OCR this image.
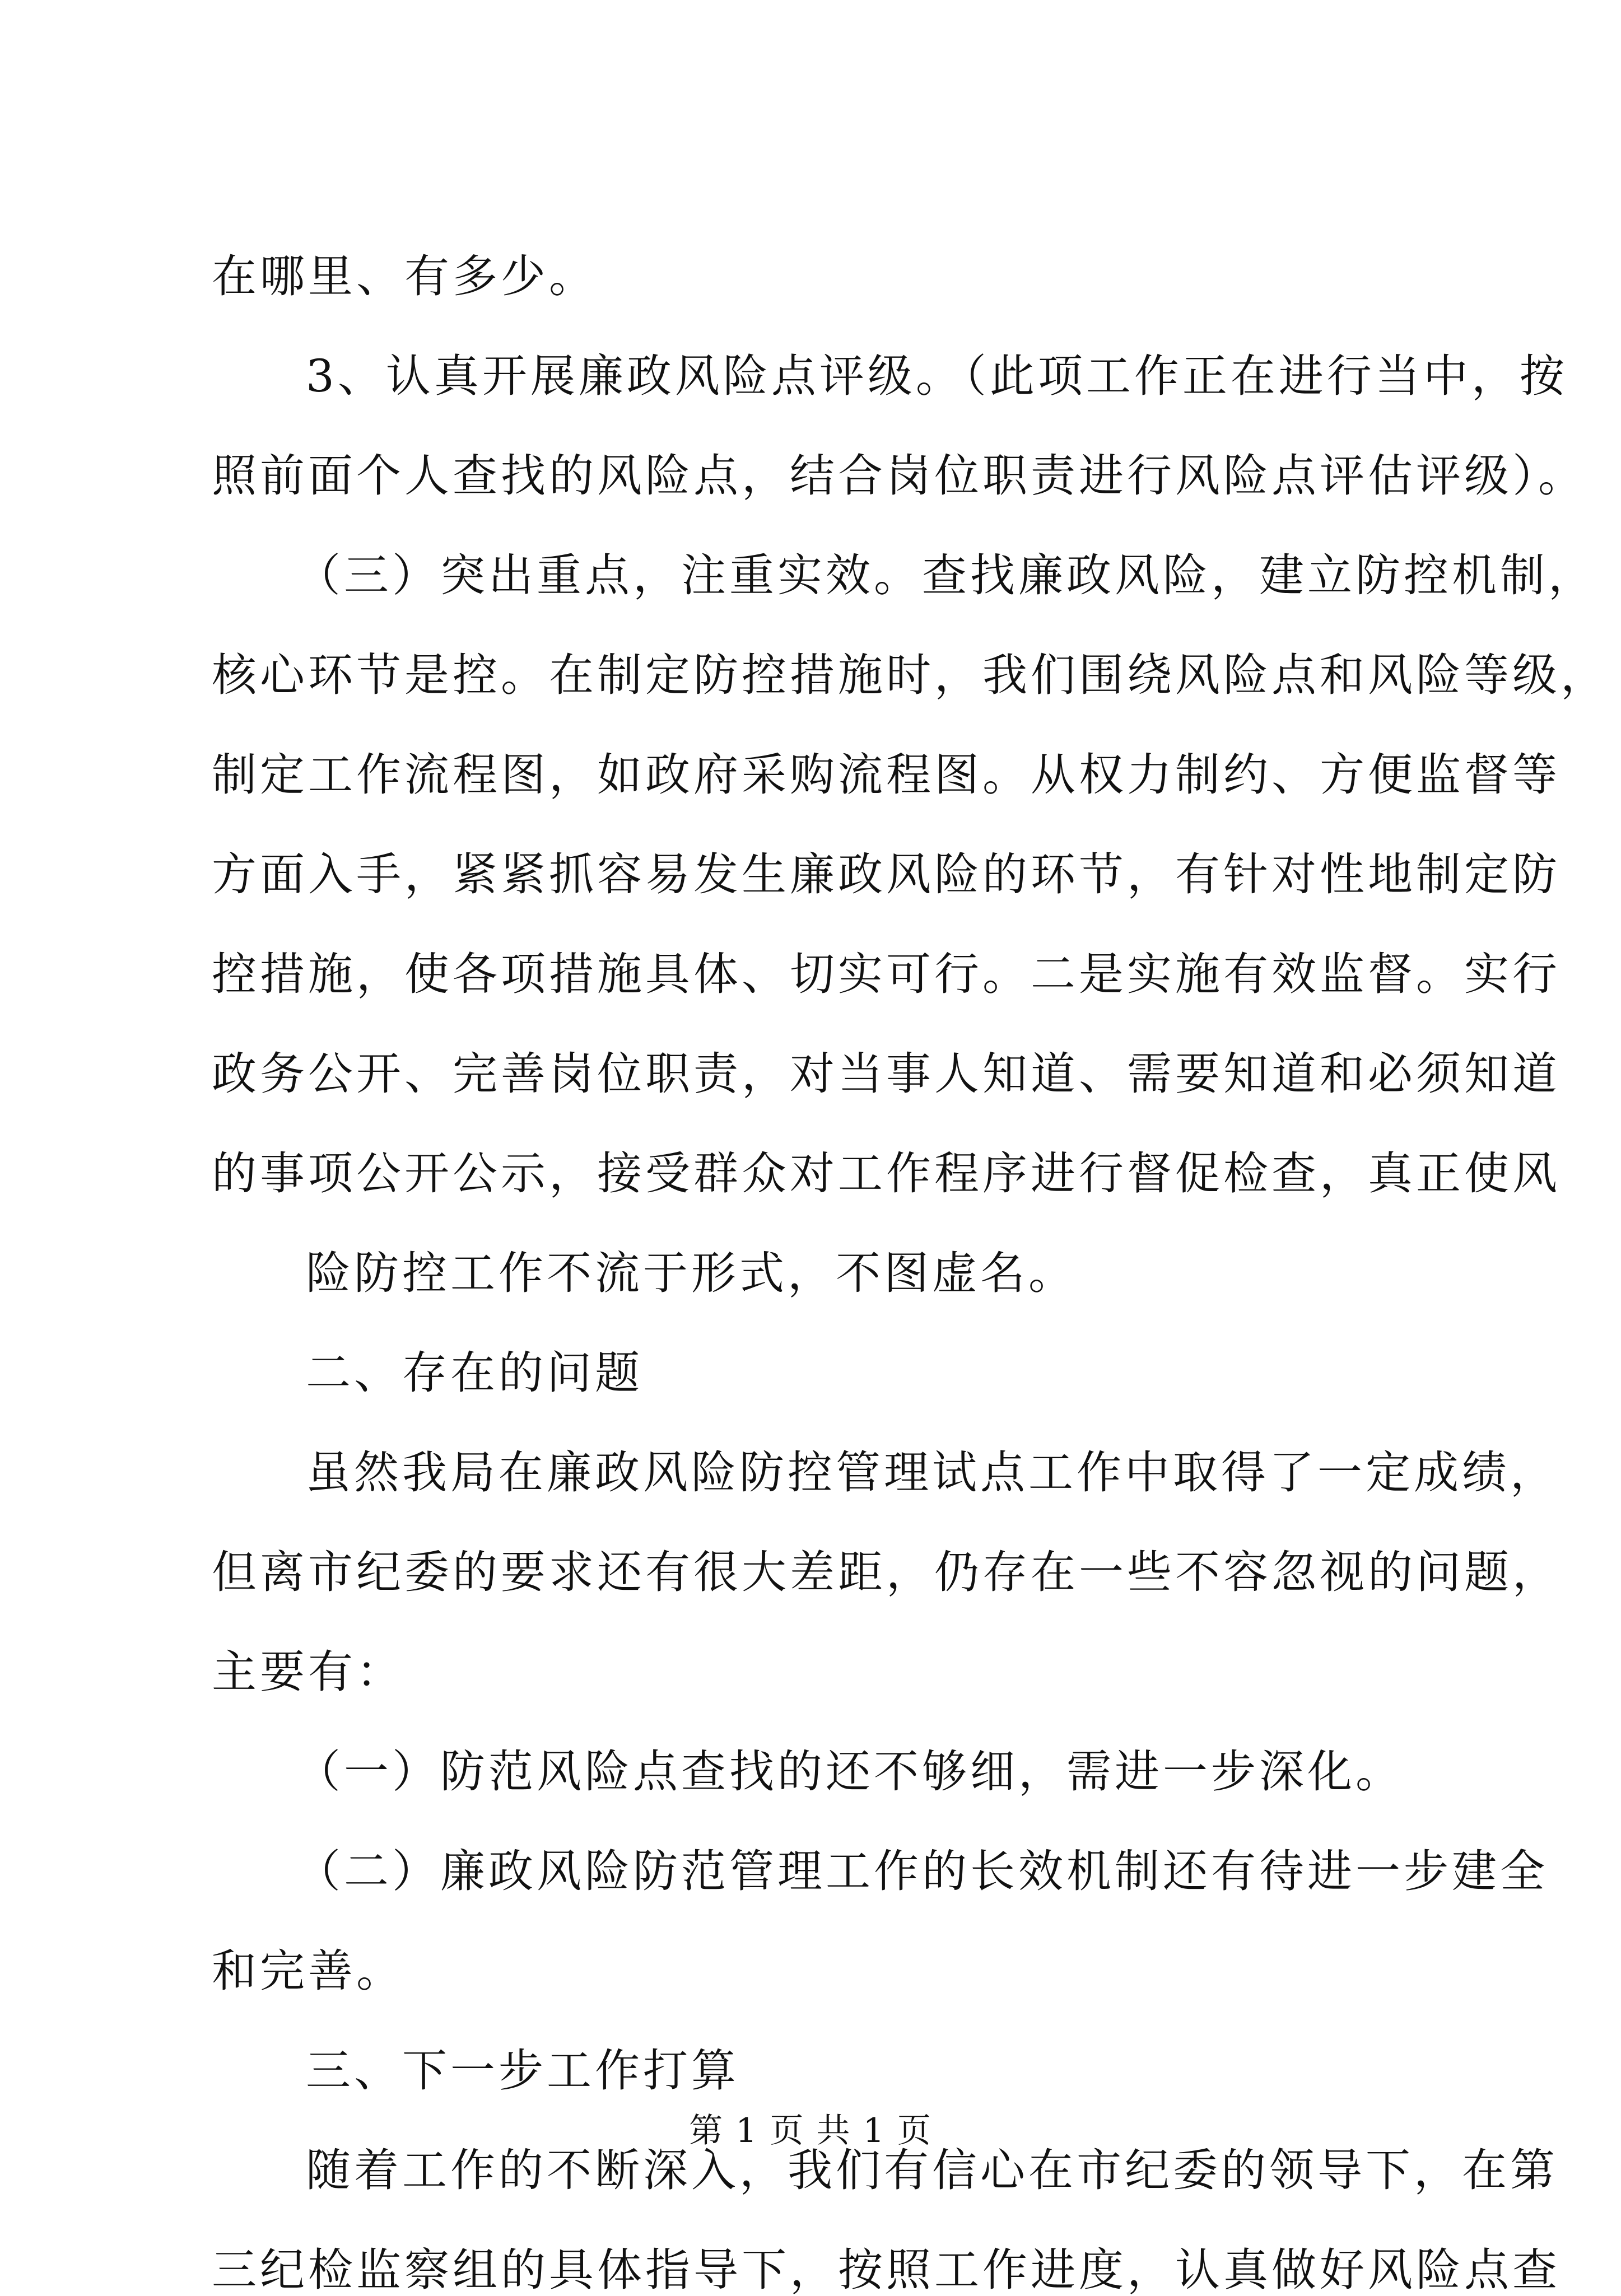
在哪里、有多少。
3、认真开展廉政风险点评级。（此项工作正在进行当中，按
照前面个人查找的风险点，结合岗位职责进行风险点评估评级）。
（三）突出重点，注重实效。查找廉政风险，建立防控机制，
核心环节是控。在制定防控措施时，我们围绕风险点和风险等级，
制定工作流程图，如政府采购流程图。从权力制约、方便监督等
方面入手，紧紧抓容易发生廉政风险的环节，有针对性地制定防
控措施，使各项措施具体、切实可行。二是实施有效监督。实行
政务公开、完善岗位职责，对当事人知道、需要知道和必须知道
的事项公开公示，接受群众对工作程序进行督促检查，真正使风
险防控工作不流于形式，不图虚名。
二、存在的问题
虽然我局在廉政风险防控管理试点工作中取得了一定成绩，
但离市纪委的要求还有很大差距，仍存在一些不容忽视的问题，
主要有：
（一）防范风险点查找的还不够细，需进一步深化。
（二）廉政风险防范管理工作的长效机制还有待进一步建全
和完善。
三、下一步工作打算
随着工作的不断深入，我们有信心在市纪委的领导下，在第
三纪检监察组的具体指导下，按照工作进度，认真做好风险点查
第 1 页 共 1 页
